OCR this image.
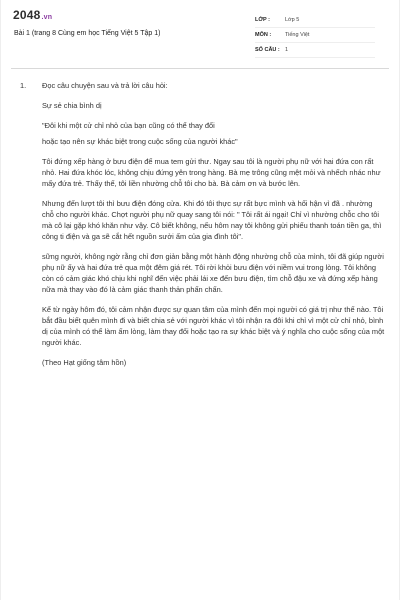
2048.vn
Bài 1 (trang 8 Cùng em học Tiếng Việt 5 Tập 1)
LỚP :	Lớp 5
MÔN :	Tiếng Việt
SỐ CÂU : 1
1. Đọc câu chuyện sau và trả lời câu hỏi:

Sự sẻ chia bình dị

"Đôi khi một cử chỉ nhỏ của bạn cũng có thể thay đổi

hoặc tạo nên sự khác biệt trong cuộc sống của người khác"

Tôi đứng xếp hàng ở bưu điện để mua tem gửi thư. Ngay sau tôi là người phụ nữ với hai đứa con rất nhỏ. Hai đứa khóc lóc, không chịu đứng yên trong hàng. Bà mẹ trông cũng mệt mỏi và nhếch nhác như mấy đứa trẻ. Thấy thế, tôi liền nhường chỗ tôi cho bà. Bà cảm ơn và bước lên.

Nhưng đến lượt tôi thì bưu điện đóng cửa. Khi đó tôi thực sự rất bực mình và hối hận vì đã . nhường chỗ cho người khác. Chợt người phụ nữ quay sang tôi nói: " Tôi rất ái ngại! Chỉ vì nhường chỗc cho tôi mà cô lại gặp khó khăn như vậy. Cô biết không, nếu hôm nay tôi không gửi phiếu thanh toán tiền ga, thì công ti điện và ga sẽ cắt hết nguồn sưởi ấm của gia đình tôi".

sững người, không ngờ rằng chỉ đơn giản bằng một hành động nhường chỗ của mình, tôi đã giúp người phụ nữ ấy và hai đứa trẻ qua một đêm giá rét. Tôi rời khỏi bưu điện với niềm vui trong lòng. Tôi không còn có cảm giác khó chịu khi nghĩ đến việc phải lái xe đến bưu điện, tìm chỗ đậu xe và đứng xếp hàng nữa mà thay vào đó là cảm giác thanh thản phấn chấn.

Kể từ ngày hôm đó, tôi cảm nhận được sự quan tâm của mình đến mọi người có giá trị như thế nào. Tôi bắt đầu biết quên mình đi và biết chia sẻ với người khác vì tôi nhận ra đôi khi chỉ vì một cử chỉ nhỏ, bình dị của mình có thể làm ấm lòng, làm thay đổi hoặc tạo ra sự khác biệt và ý nghĩa cho cuộc sống của một người khác.

(Theo Hạt giống tâm hồn)
